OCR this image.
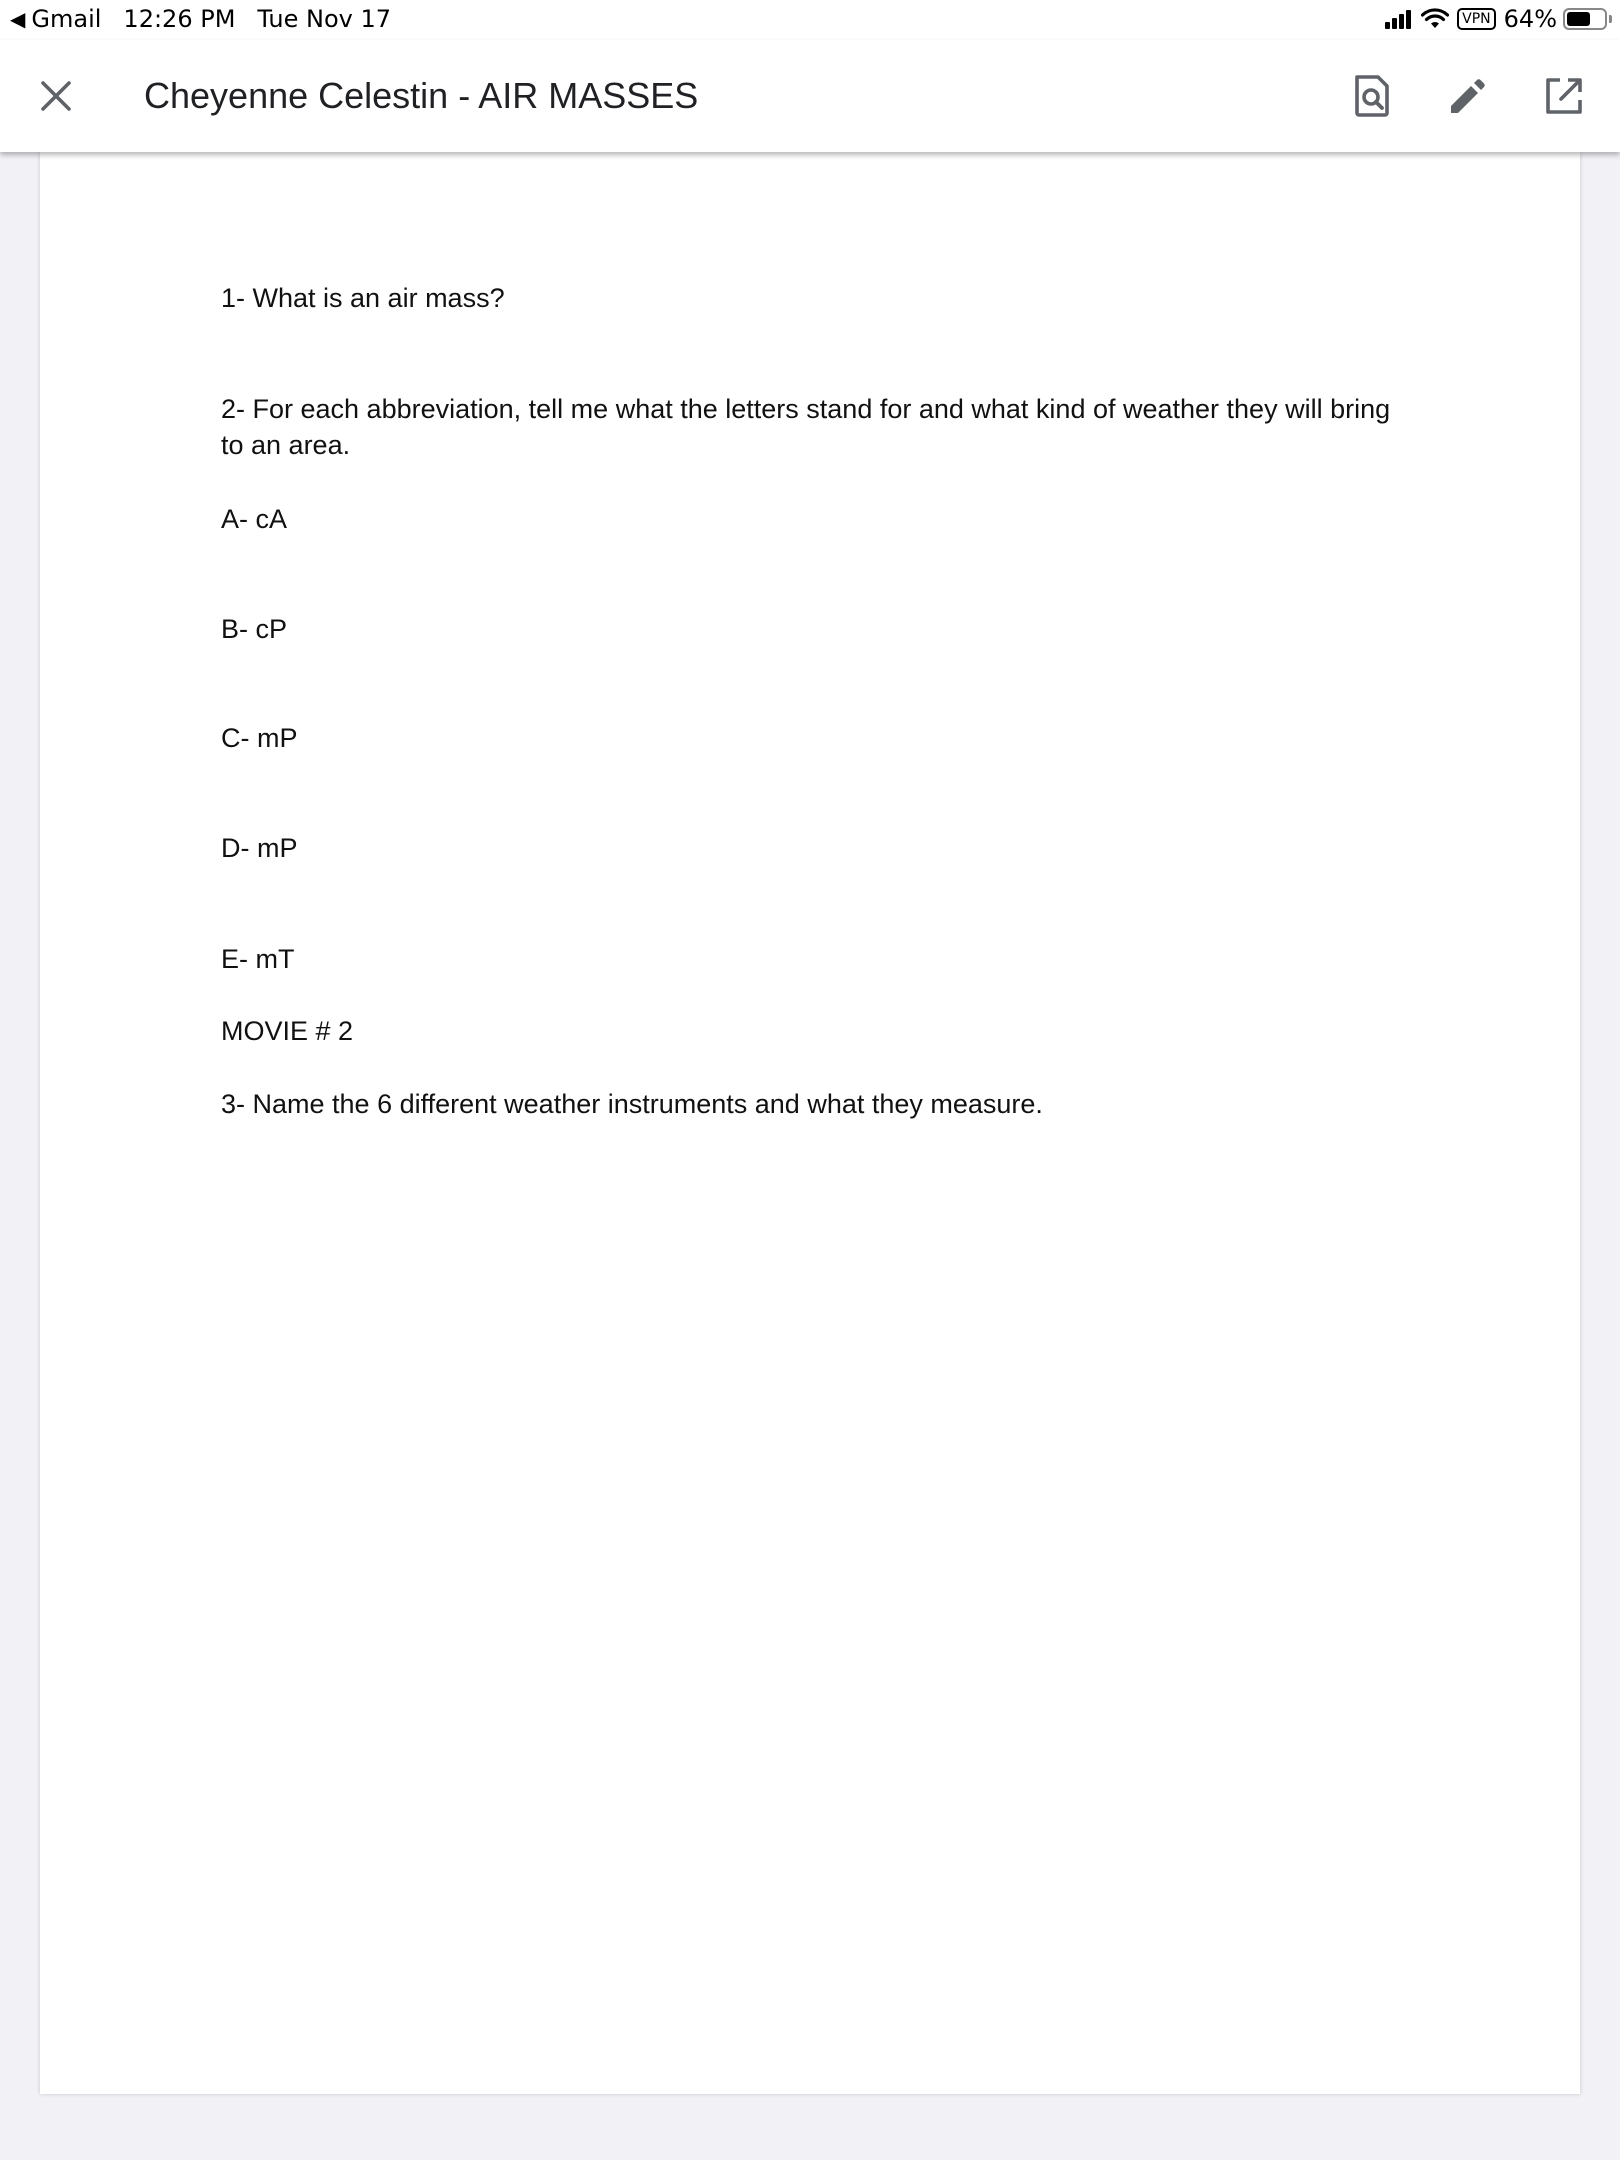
◀ Gmail 12:26 PM Tue Nov 17	VPN 64%
Cheyenne Celestin - AIR MASSES
1- What is an air mass?
2- For each abbreviation, tell me what the letters stand for and what kind of weather they will bring to an area.
A- cA
B- cP
C- mP
D- mP
E- mT
MOVIE # 2
3- Name the 6 different weather instruments and what they measure.
